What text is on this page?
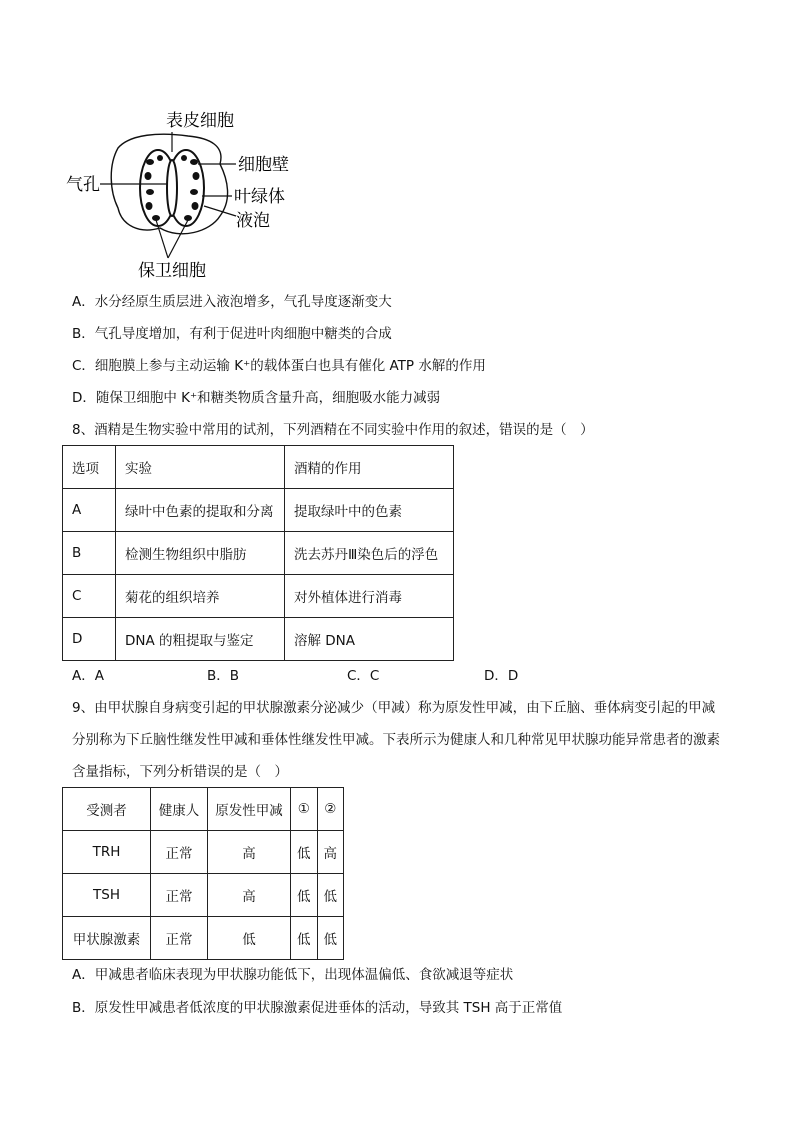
表皮细胞
细胞壁
气孔
叶绿体
液泡
保卫细胞
A．水分经原生质层进入液泡增多，气孔导度逐渐变大
B．气孔导度增加，有利于促进叶肉细胞中糖类的合成
C．细胞膜上参与主动运输 K⁺的载体蛋白也具有催化 ATP 水解的作用
D．随保卫细胞中 K⁺和糖类物质含量升高，细胞吸水能力减弱
8、酒精是生物实验中常用的试剂，下列酒精在不同实验中作用的叙述，错误的是（　）
选项	实验	酒精的作用
A	绿叶中色素的提取和分离	提取绿叶中的色素
B	检测生物组织中脂肪	洗去苏丹Ⅲ染色后的浮色
C	菊花的组织培养	对外植体进行消毒
D	DNA 的粗提取与鉴定	溶解 DNA
A．A	B．B	C．C	D．D
9、由甲状腺自身病变引起的甲状腺激素分泌减少（甲减）称为原发性甲减，由下丘脑、垂体病变引起的甲减分别称为下丘脑性继发性甲减和垂体性继发性甲减。下表所示为健康人和几种常见甲状腺功能异常患者的激素含量指标，下列分析错误的是（　）
受测者	健康人	原发性甲减	①	②
TRH	正常	高	低	高
TSH	正常	高	低	低
甲状腺激素	正常	低	低	低
A．甲减患者临床表现为甲状腺功能低下，出现体温偏低、食欲减退等症状
B．原发性甲减患者低浓度的甲状腺激素促进垂体的活动，导致其 TSH 高于正常值
